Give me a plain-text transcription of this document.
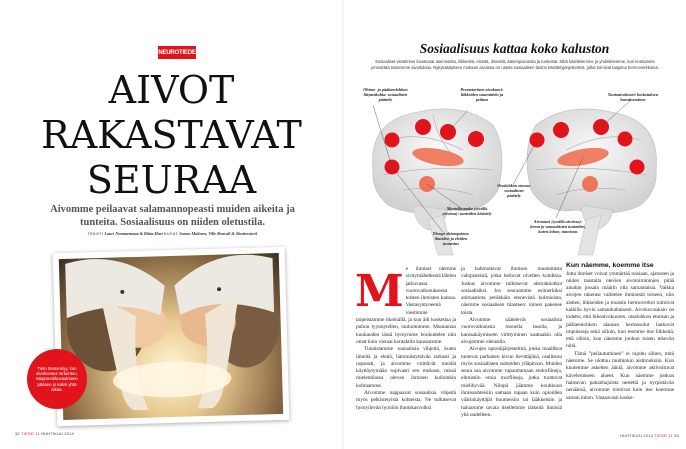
NEUROTIEDE
AIVOT
RAKASTAVAT
SEURAA
Aivomme peilaavat salamannopeasti muiden aikeita ja tunteita. Sosiaalisuus on niiden oletustila.
TEKSTI Lauri Nummenmaa & Riitta Hari KUVAT Sanna Malinen, Ville Renvall & Shutterstock
Tieto täsmentyy, kun aivokuvaus tarkentuu. Magneettikuvaukseen pääsee jo kaksi yhtä aikaa.
32 TIEDE 11 HUHTIKUU 2014
Sosiaalisuus kattaa koko kaluston
Sosiaaliset viestimme koostuvat asennoista, liikkeistä, eleistä, ilmeistä, äänenpainoista ja tunteista. Niitä käsittelemme ja yhdistelemme, kun koetamme ymmärtää toistemme aivoituksia. Nykykäsityksen mukaan aivoissa on useita sosiaalisen tiedon käsittelyjärjestelmiä, jotka toimivat laajoina hermoverkkoina.
Ohimo- ja päälaenlohkon liitymäkohta: sosiaalinen päättely
Premotorinen aivokuori: liikkeiden suunnittelu ja peilaus
Tuntoaivokuori: kosketuksen havaitseminen
Mantelitumake (syvällä aivoissa): tunteiden käsittely
Ylempi ohimopoimu: ilmeiden ja eleiden tunnistus
Otsalohkon etuosa: sosiaalinen päättely
Aivosaari (syvällä aivoissa): kivun ja somaattisten tuntoiden, kuten inhon, tunnistus
M e ihmiset olemme syntymähetkestä lähtien jatkuvassa vuorovaikutuksessa toisten ihmisten kanssa. Vastasyntyneenä viestimme tarpeistamme itkemällä, ja kun äiti koskettaa ja puhuu tyynnytellen, rauhoitumme. Muutaman kuukauden iässä hymymme houkuttelee niin omat kuin vieraat kontaktiin kanssamme.

Tunnistamme sosiaalisia vihjeitä, kuten ilmeitä ja eleitä, hämmästyttävän tarkasti ja nopeasti, ja aivomme virittävät meidät käyttäytymään sopivasti sen mukaan, missä mielentilassa olevan ihmisen kulloinkin kohtaamme.

Aivomme nappaavat sosiaalisia vihjeitä myös pelkistetyistä kohteista. Ne tulkitsevat hymyilevän hymiön ihmiskasvoiksi

ja hahmottavat ihmisen muotamista valopisteistä, jotka heiluvat nivelten kohdissa. Joskus aivomme tulkitsevat abstraktiotkin sosiaalisiksi. Jos seuraamme esimerkiksi animaatiota peräkkäin etenevistä kolmioista, näemme sosiaalisen tilanteen: toinen pakenee toista.

Aivomme säätelevät sosiaalista vuorovaikutusta monella tasolla, ja kanssakäymiseen virittyminen saattaakin olla aivojemme oletustila.

Aivojen opioidijärjestelmä, jonka maallikot tuntevat parhaiten kivun lievittäjänä, osallistuu myös sosiaalisten suhteiden ylläpitoon. Muiden seura saa aivomme vapauttamaan endorfiineja, elimistön omia morfiineja, jotka tuottavat mielihyvää. Niinpä jäämme koukkuun ihmissuhteisiin samaan tapaan kuin opioidien väärinkäyttäjät huumeisiin tai lääkkeisiin ja haluamme tavata itsellemme tärkeitä ihmisiä yhä uudelleen.

Kun näemme, koemme itse

Jotta ihmiset voivat ymmärtää toisiaan, ajatusten ja niiden taustalla olevien aivotoimintojen pitää ainakin jossain määrin olla samanlaisia. Vaikka aivojen rakenne vaihtelee ihmisestä toiseen, niin aistien, liikkeiden ja muistin hermoverkot toimivat kaikilla hyvin samankaltaisesti. Aivokuvauksin on todettu, että liikeaivokuoren, otsalohkon etuosan ja päälaenlohkon alaosan hermosolut laukovat impulsseja sekä silloin, kun teemme itse liikkeitä, että silloin, kun näemme jonkun toisen tekevän niitä.

Tämä ”peilautuminen” ei rajoitu siihen, mitä näemme. Se ulottuu muihinkin aistimuksiin. Kun kuulemme askelten ääniä, aivomme aktivoituvat kävelemiseen alueet. Kun näemme jonkun haistavan pahanhajuista nestettä ja nyrpistävän nenäänsä, aivomme toimivat kuin itse koemme saman inhon. Vastaavasti koske-

HUHTIKUU 2014 TIEDE 11 33
